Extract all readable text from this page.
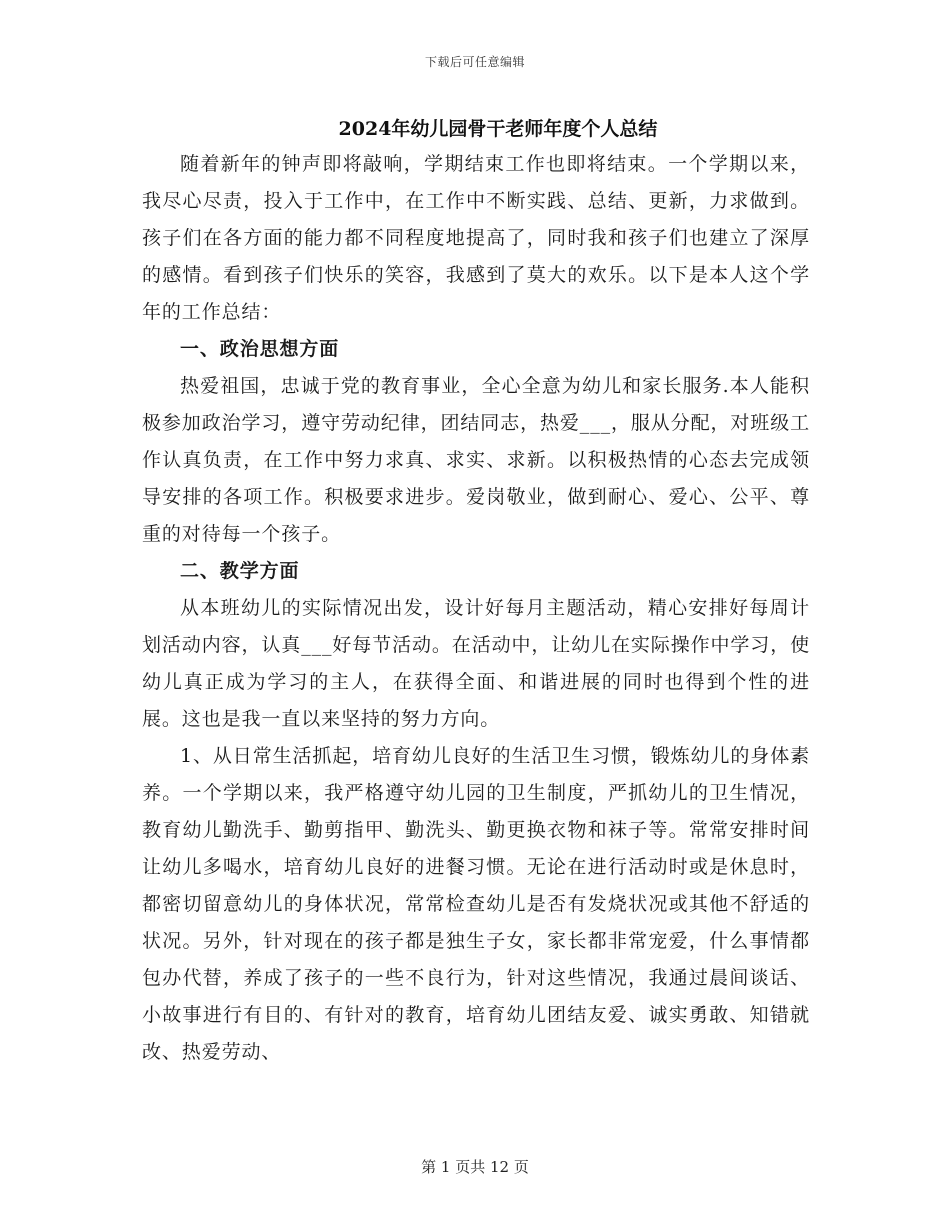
下载后可任意编辑
2024年幼儿园骨干老师年度个人总结

随着新年的钟声即将敲响，学期结束工作也即将结束。一个学期以来，我尽心尽责，投入于工作中，在工作中不断实践、总结、更新，力求做到。孩子们在各方面的能力都不同程度地提高了，同时我和孩子们也建立了深厚的感情。看到孩子们快乐的笑容，我感到了莫大的欢乐。以下是本人这个学年的工作总结：

一、政治思想方面

热爱祖国，忠诚于党的教育事业，全心全意为幼儿和家长服务.本人能积极参加政治学习，遵守劳动纪律，团结同志，热爱___，服从分配，对班级工作认真负责，在工作中努力求真、求实、求新。以积极热情的心态去完成领导安排的各项工作。积极要求进步。爱岗敬业，做到耐心、爱心、公平、尊重的对待每一个孩子。

二、教学方面

从本班幼儿的实际情况出发，设计好每月主题活动，精心安排好每周计划活动内容，认真___好每节活动。在活动中，让幼儿在实际操作中学习，使幼儿真正成为学习的主人，在获得全面、和谐进展的同时也得到个性的进展。这也是我一直以来坚持的努力方向。

1、从日常生活抓起，培育幼儿良好的生活卫生习惯，锻炼幼儿的身体素养。一个学期以来，我严格遵守幼儿园的卫生制度，严抓幼儿的卫生情况，教育幼儿勤洗手、勤剪指甲、勤洗头、勤更换衣物和袜子等。常常安排时间让幼儿多喝水，培育幼儿良好的进餐习惯。无论在进行活动时或是休息时，都密切留意幼儿的身体状况，常常检查幼儿是否有发烧状况或其他不舒适的状况。另外，针对现在的孩子都是独生子女，家长都非常宠爱，什么事情都包办代替，养成了孩子的一些不良行为，针对这些情况，我通过晨间谈话、小故事进行有目的、有针对的教育，培育幼儿团结友爱、诚实勇敢、知错就改、热爱劳动、

第 1 页共 12 页
